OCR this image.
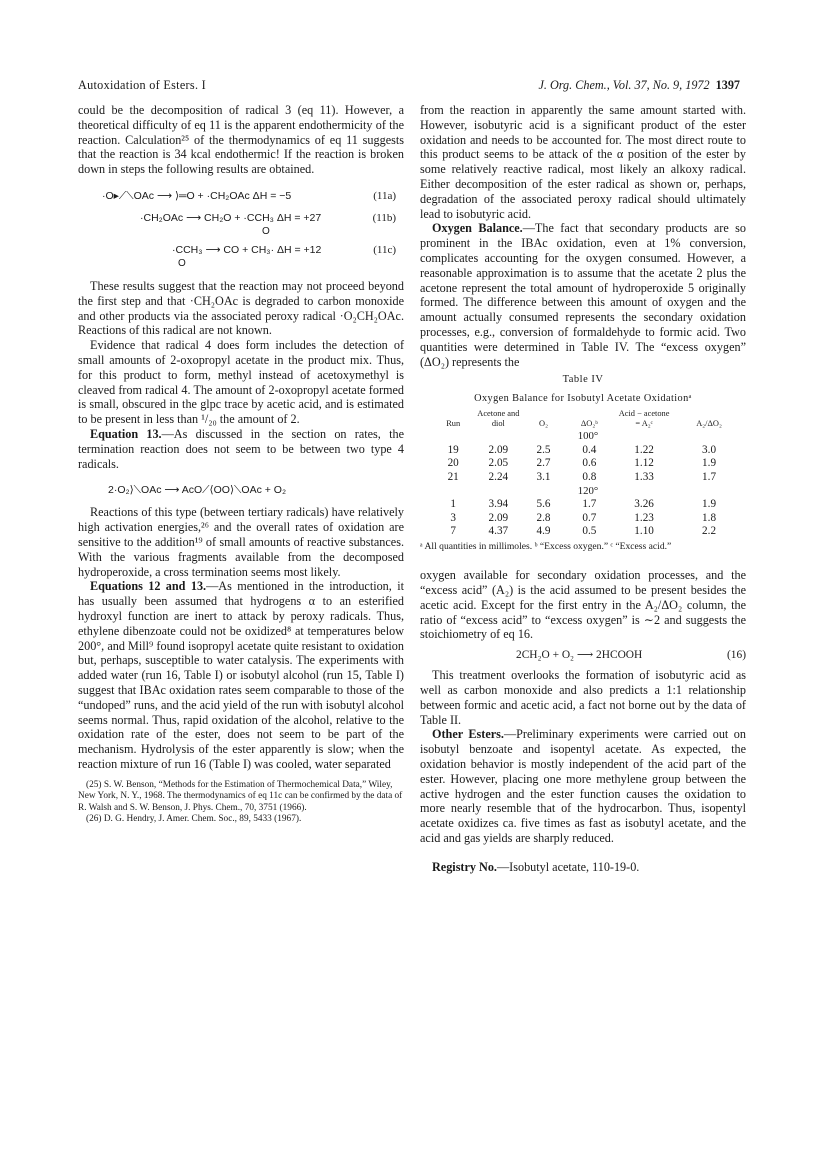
Autoxidation of Esters. I	J. Org. Chem., Vol. 37, No. 9, 1972 1397

could be the decomposition of radical 3 (eq 11). However, a theoretical difficulty of eq 11 is the apparent endothermicity of the reaction. Calculation²⁵ of the thermodynamics of eq 11 suggests that the reaction is 34 kcal endothermic! If the reaction is broken down in steps the following results are obtained.

·O▸⟋⟍OAc ⟶ ⟩═O + ·CH₂OAc ΔH = −5	(11a)
·CH₂OAc ⟶ CH₂O + ·CCH₃ ΔH = +27	(11b)
O
·CCH₃ ⟶ CO + CH₃· ΔH = +12	(11c)
O

These results suggest that the reaction may not proceed beyond the first step and that ·CH₂OAc is degraded to carbon monoxide and other products via the associated peroxy radical ·O₂CH₂OAc. Reactions of this radical are not known.

Evidence that radical 4 does form includes the detection of small amounts of 2-oxopropyl acetate in the product mix. Thus, for this product to form, methyl instead of acetoxymethyl is cleaved from radical 4. The amount of 2-oxopropyl acetate formed is small, obscured in the glpc trace by acetic acid, and is estimated to be present in less than ¹/₂₀ the amount of 2.

Equation 13.—As discussed in the section on rates, the termination reaction does not seem to be between two type 4 radicals.

2·O₂⟩⟍OAc ⟶ AcO⟋⟨OO⟩⟍OAc + O₂

Reactions of this type (between tertiary radicals) have relatively high activation energies,²⁶ and the overall rates of oxidation are sensitive to the addition¹⁹ of small amounts of reactive substances. With the various fragments available from the decomposed hydroperoxide, a cross termination seems most likely.

Equations 12 and 13.—As mentioned in the introduction, it has usually been assumed that hydrogens α to an esterified hydroxyl function are inert to attack by peroxy radicals. Thus, ethylene dibenzoate could not be oxidized⁸ at temperatures below 200°, and Mill⁹ found isopropyl acetate quite resistant to oxidation but, perhaps, susceptible to water catalysis. The experiments with added water (run 16, Table I) or isobutyl alcohol (run 15, Table I) suggest that IBAc oxidation rates seem comparable to those of the “undoped” runs, and the acid yield of the run with isobutyl alcohol seems normal. Thus, rapid oxidation of the alcohol, relative to the oxidation rate of the ester, does not seem to be part of the mechanism. Hydrolysis of the ester apparently is slow; when the reaction mixture of run 16 (Table I) was cooled, water separated

(25) S. W. Benson, “Methods for the Estimation of Thermochemical Data,” Wiley, New York, N. Y., 1968. The thermodynamics of eq 11c can be confirmed by the data of R. Walsh and S. W. Benson, J. Phys. Chem., 70, 3751 (1966).
(26) D. G. Hendry, J. Amer. Chem. Soc., 89, 5433 (1967).

from the reaction in apparently the same amount started with. However, isobutyric acid is a significant product of the ester oxidation and needs to be accounted for. The most direct route to this product seems to be attack of the α position of the ester by some relatively reactive radical, most likely an alkoxy radical. Either decomposition of the ester radical as shown or, perhaps, degradation of the associated peroxy radical should ultimately lead to isobutyric acid.

Oxygen Balance.—The fact that secondary products are so prominent in the IBAc oxidation, even at 1% conversion, complicates accounting for the oxygen consumed. However, a reasonable approximation is to assume that the acetate 2 plus the acetone represent the total amount of hydroperoxide 5 originally formed. The difference between this amount of oxygen and the amount actually consumed represents the secondary oxidation processes, e.g., conversion of formaldehyde to formic acid. Two quantities were determined in Table IV. The “excess oxygen” (ΔO₂) represents the

Table IV
Oxygen Balance for Isobutyl Acetate Oxidationᵃ
Run	Acetone and diol	O₂	ΔO₂ᵇ	Acid − acetone = A₂ᶜ	A₂/ΔO₂
100°					
19	2.09	2.5	0.4	1.22	3.0
20	2.05	2.7	0.6	1.12	1.9
21	2.24	3.1	0.8	1.33	1.7
120°					
1	3.94	5.6	1.7	3.26	1.9
3	2.09	2.8	0.7	1.23	1.8
7	4.37	4.9	0.5	1.10	2.2
ᵃ All quantities in millimoles. ᵇ “Excess oxygen.” ᶜ “Excess acid.”

oxygen available for secondary oxidation processes, and the “excess acid” (A₂) is the acid assumed to be present besides the acetic acid. Except for the first entry in the A₂/ΔO₂ column, the ratio of “excess acid” to “excess oxygen” is ∼2 and suggests the stoichiometry of eq 16.

2CH₂O + O₂ ⟶ 2HCOOH	(16)

This treatment overlooks the formation of isobutyric acid as well as carbon monoxide and also predicts a 1:1 relationship between formic and acetic acid, a fact not borne out by the data of Table II.

Other Esters.—Preliminary experiments were carried out on isobutyl benzoate and isopentyl acetate. As expected, the oxidation behavior is mostly independent of the acid part of the ester. However, placing one more methylene group between the active hydrogen and the ester function causes the oxidation to more nearly resemble that of the hydrocarbon. Thus, isopentyl acetate oxidizes ca. five times as fast as isobutyl acetate, and the acid and gas yields are sharply reduced.

Registry No.—Isobutyl acetate, 110-19-0.
